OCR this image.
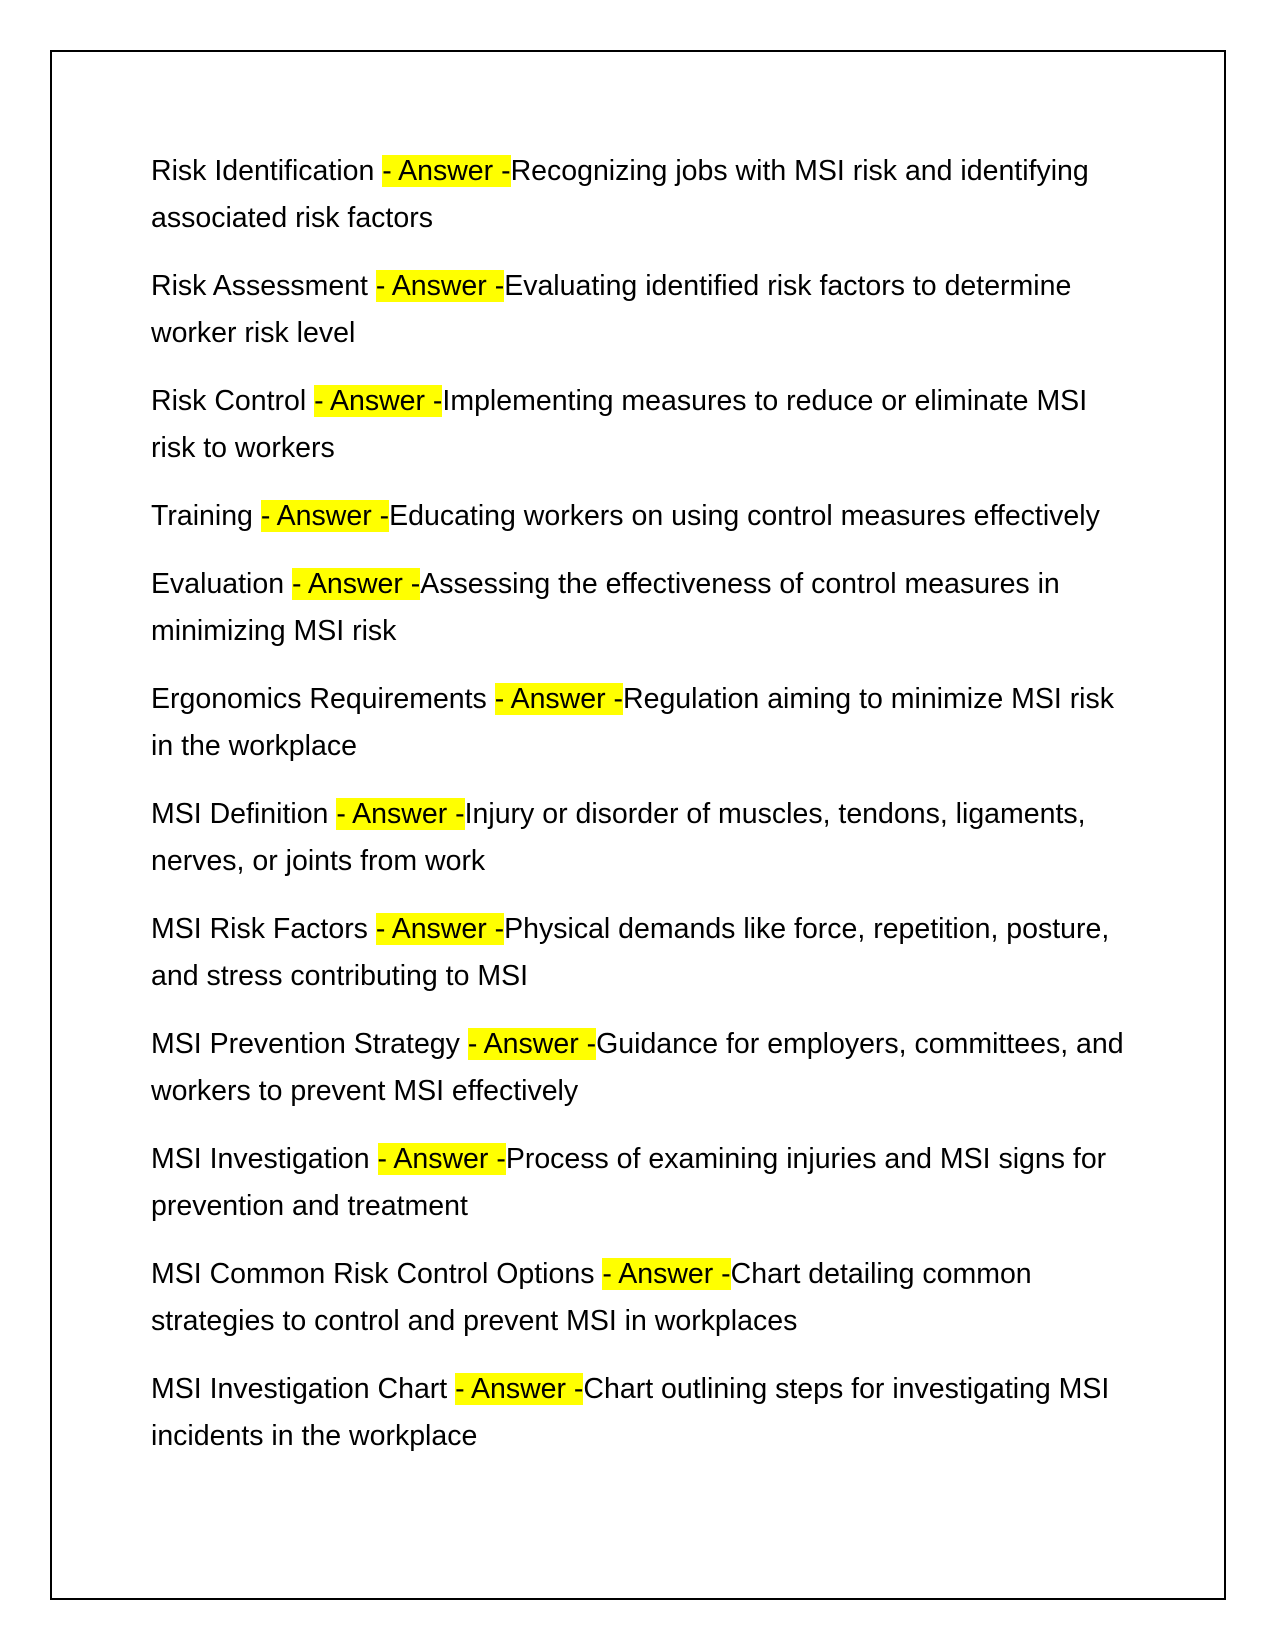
Risk Identification - Answer -Recognizing jobs with MSI risk and identifying associated risk factors
Risk Assessment - Answer -Evaluating identified risk factors to determine worker risk level
Risk Control - Answer -Implementing measures to reduce or eliminate MSI risk to workers
Training - Answer -Educating workers on using control measures effectively
Evaluation - Answer -Assessing the effectiveness of control measures in minimizing MSI risk
Ergonomics Requirements - Answer -Regulation aiming to minimize MSI risk in the workplace
MSI Definition - Answer -Injury or disorder of muscles, tendons, ligaments, nerves, or joints from work
MSI Risk Factors - Answer -Physical demands like force, repetition, posture, and stress contributing to MSI
MSI Prevention Strategy - Answer -Guidance for employers, committees, and workers to prevent MSI effectively
MSI Investigation - Answer -Process of examining injuries and MSI signs for prevention and treatment
MSI Common Risk Control Options - Answer -Chart detailing common strategies to control and prevent MSI in workplaces
MSI Investigation Chart - Answer -Chart outlining steps for investigating MSI incidents in the workplace
